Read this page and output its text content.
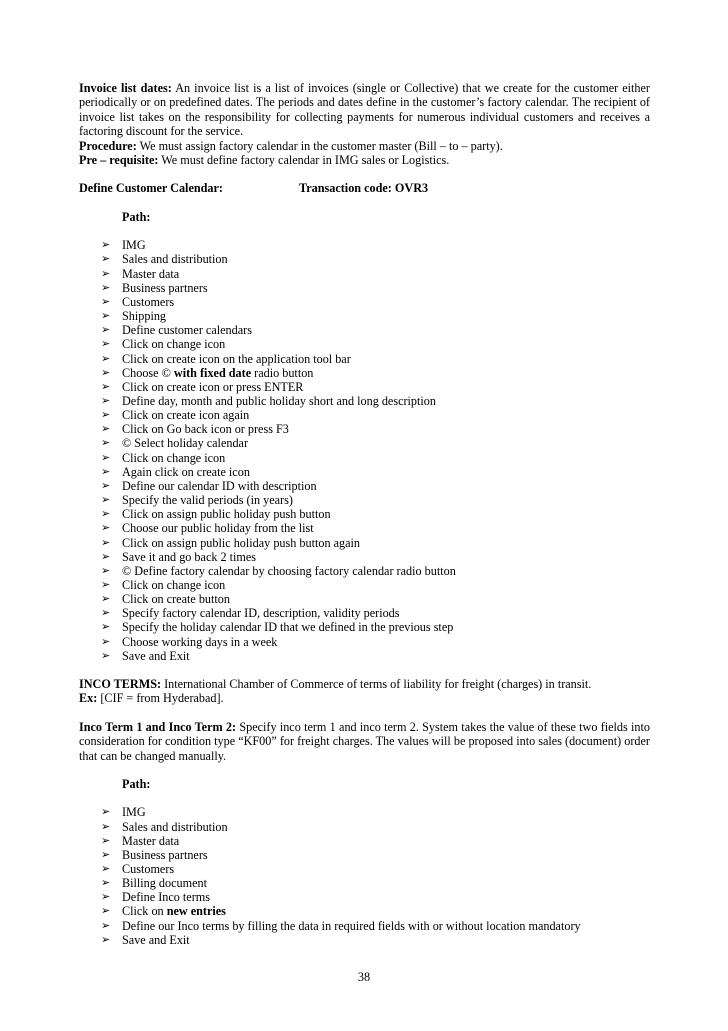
Invoice list dates: An invoice list is a list of invoices (single or Collective) that we create for the customer either periodically or on predefined dates. The periods and dates define in the customer’s factory calendar. The recipient of invoice list takes on the responsibility for collecting payments for numerous individual customers and receives a factoring discount for the service.

Procedure: We must assign factory calendar in the customer master (Bill – to – party).

Pre – requisite: We must define factory calendar in IMG sales or Logistics.

Define Customer Calendar:	Transaction code: OVR3
Path:
➢ IMG
➢ Sales and distribution
➢ Master data
➢ Business partners
➢ Customers
➢ Shipping
➢ Define customer calendars
➢ Click on change icon
➢ Click on create icon on the application tool bar
➢ Choose © with fixed date radio button
➢ Click on create icon or press ENTER
➢ Define day, month and public holiday short and long description
➢ Click on create icon again
➢ Click on Go back icon or press F3
➢ © Select holiday calendar
➢ Click on change icon
➢ Again click on create icon
➢ Define our calendar ID with description
➢ Specify the valid periods (in years)
➢ Click on assign public holiday push button
➢ Choose our public holiday from the list
➢ Click on assign public holiday push button again
➢ Save it and go back 2 times
➢ © Define factory calendar by choosing factory calendar radio button
➢ Click on change icon
➢ Click on create button
➢ Specify factory calendar ID, description, validity periods
➢ Specify the holiday calendar ID that we defined in the previous step
➢ Choose working days in a week
➢ Save and Exit

INCO TERMS: International Chamber of Commerce of terms of liability for freight (charges) in transit.

Ex: [CIF = from Hyderabad].

Inco Term 1 and Inco Term 2: Specify inco term 1 and inco term 2. System takes the value of these two fields into consideration for condition type “KF00” for freight charges. The values will be proposed into sales (document) order that can be changed manually.

Path:
➢ IMG
➢ Sales and distribution
➢ Master data
➢ Business partners
➢ Customers
➢ Billing document
➢ Define Inco terms
➢ Click on new entries
➢ Define our Inco terms by filling the data in required fields with or without location mandatory
➢ Save and Exit
38
